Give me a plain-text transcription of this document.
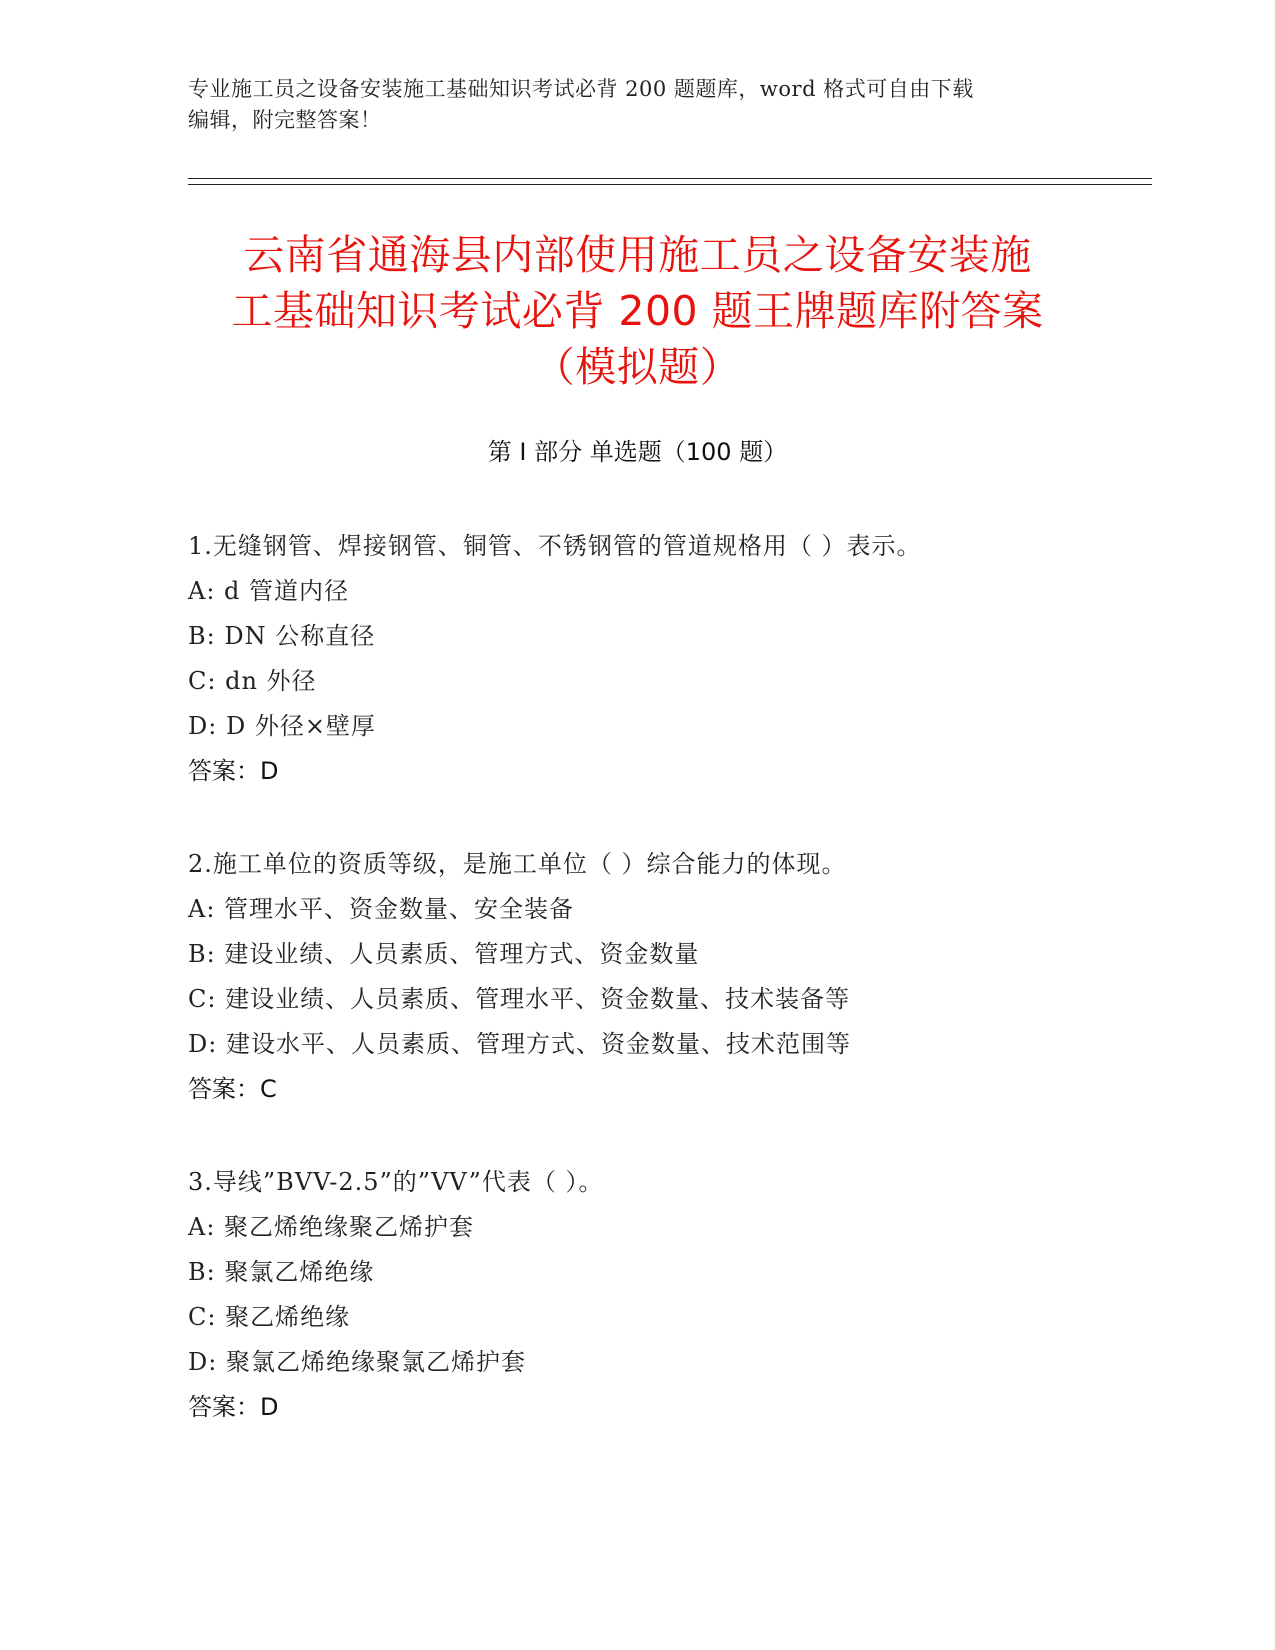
专业施工员之设备安装施工基础知识考试必背 200 题题库，word 格式可自由下载
编辑，附完整答案！
云南省通海县内部使用施工员之设备安装施
工基础知识考试必背 200 题王牌题库附答案
（模拟题）
第 I 部分 单选题（100 题）
1.无缝钢管、焊接钢管、铜管、不锈钢管的管道规格用（ ）表示。
A: d 管道内径
B: DN 公称直径
C: dn 外径
D: D 外径×壁厚
答案：D
2.施工单位的资质等级，是施工单位（ ）综合能力的体现。
A: 管理水平、资金数量、安全装备
B: 建设业绩、人员素质、管理方式、资金数量
C: 建设业绩、人员素质、管理水平、资金数量、技术装备等
D: 建设水平、人员素质、管理方式、资金数量、技术范围等
答案：C
3.导线”BVV-2.5”的”VV”代表（ ）。
A: 聚乙烯绝缘聚乙烯护套
B: 聚氯乙烯绝缘
C: 聚乙烯绝缘
D: 聚氯乙烯绝缘聚氯乙烯护套
答案：D
